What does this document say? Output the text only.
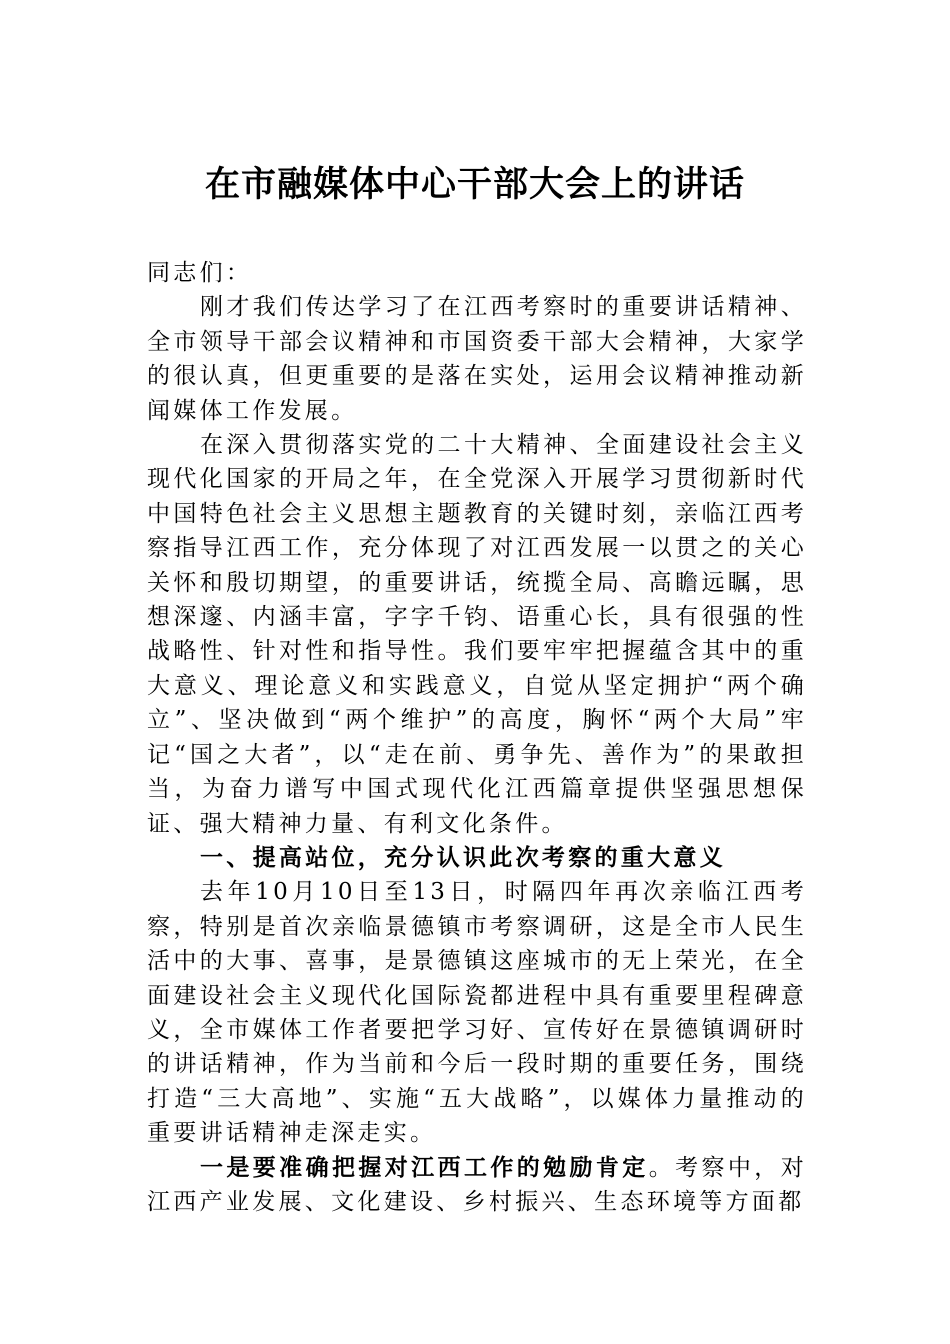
在市融媒体中心干部大会上的讲话

同志们：

刚才我们传达学习了在江西考察时的重要讲话精神、全市领导干部会议精神和市国资委干部大会精神，大家学的很认真，但更重要的是落在实处，运用会议精神推动新闻媒体工作发展。

在深入贯彻落实党的二十大精神、全面建设社会主义现代化国家的开局之年，在全党深入开展学习贯彻新时代中国特色社会主义思想主题教育的关键时刻，亲临江西考察指导江西工作，充分体现了对江西发展一以贯之的关心关怀和殷切期望，的重要讲话，统揽全局、高瞻远瞩，思想深邃、内涵丰富，字字千钧、语重心长，具有很强的性战略性、针对性和指导性。我们要牢牢把握蕴含其中的重大意义、理论意义和实践意义，自觉从坚定拥护“两个确立”、坚决做到“两个维护”的高度，胸怀“两个大局”牢记“国之大者”，以“走在前、勇争先、善作为”的果敢担当，为奋力谱写中国式现代化江西篇章提供坚强思想保证、强大精神力量、有利文化条件。

一、提高站位，充分认识此次考察的重大意义

去年10月10日至13日，时隔四年再次亲临江西考察，特别是首次亲临景德镇市考察调研，这是全市人民生活中的大事、喜事，是景德镇这座城市的无上荣光，在全面建设社会主义现代化国际瓷都进程中具有重要里程碑意义，全市媒体工作者要把学习好、宣传好在景德镇调研时的讲话精神，作为当前和今后一段时期的重要任务，围绕打造“三大高地”、实施“五大战略”，以媒体力量推动的重要讲话精神走深走实。

一是要准确把握对江西工作的勉励肯定。考察中，对江西产业发展、文化建设、乡村振兴、生态环境等方面都
